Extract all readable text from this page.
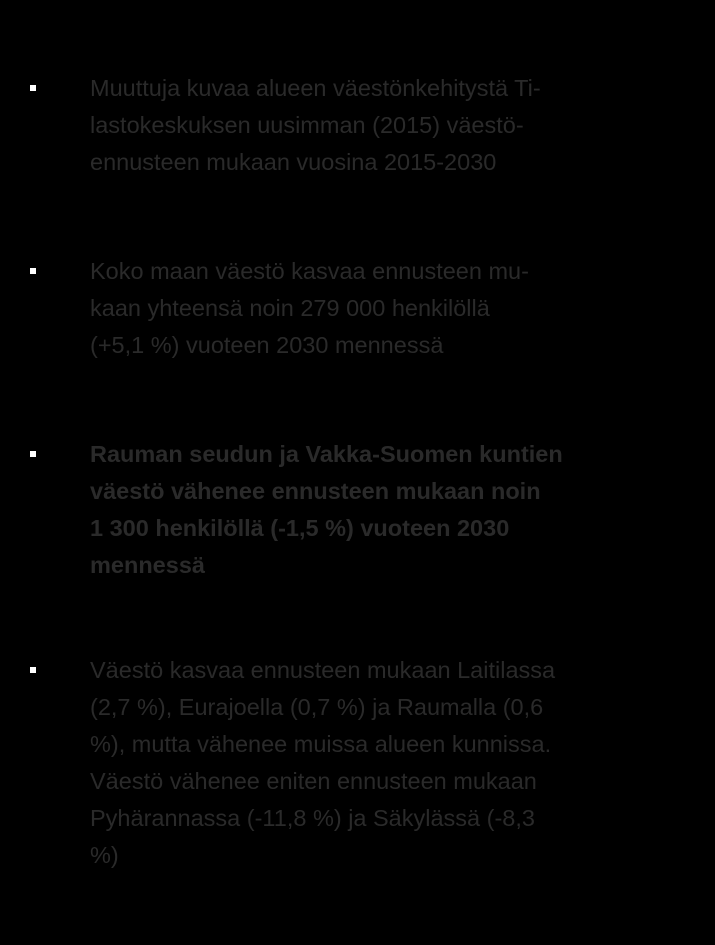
Muuttuja kuvaa alueen väestönkehitystä Ti-
lastokeskuksen uusimman (2015) väestö-
ennusteen mukaan vuosina 2015-2030
Koko maan väestö kasvaa ennusteen mu-
kaan yhteensä noin 279 000 henkilöllä
(+5,1 %) vuoteen 2030 mennessä
Rauman seudun ja Vakka-Suomen kuntien
väestö vähenee ennusteen mukaan noin
1 300 henkilöllä (-1,5 %) vuoteen 2030
mennessä
Väestö kasvaa ennusteen mukaan Laitilassa
(2,7 %), Eurajoella (0,7 %) ja Raumalla (0,6
%), mutta vähenee muissa alueen kunnissa.
Väestö vähenee eniten ennusteen mukaan
Pyhärannassa (-11,8 %) ja Säkylässä (-8,3
%)
